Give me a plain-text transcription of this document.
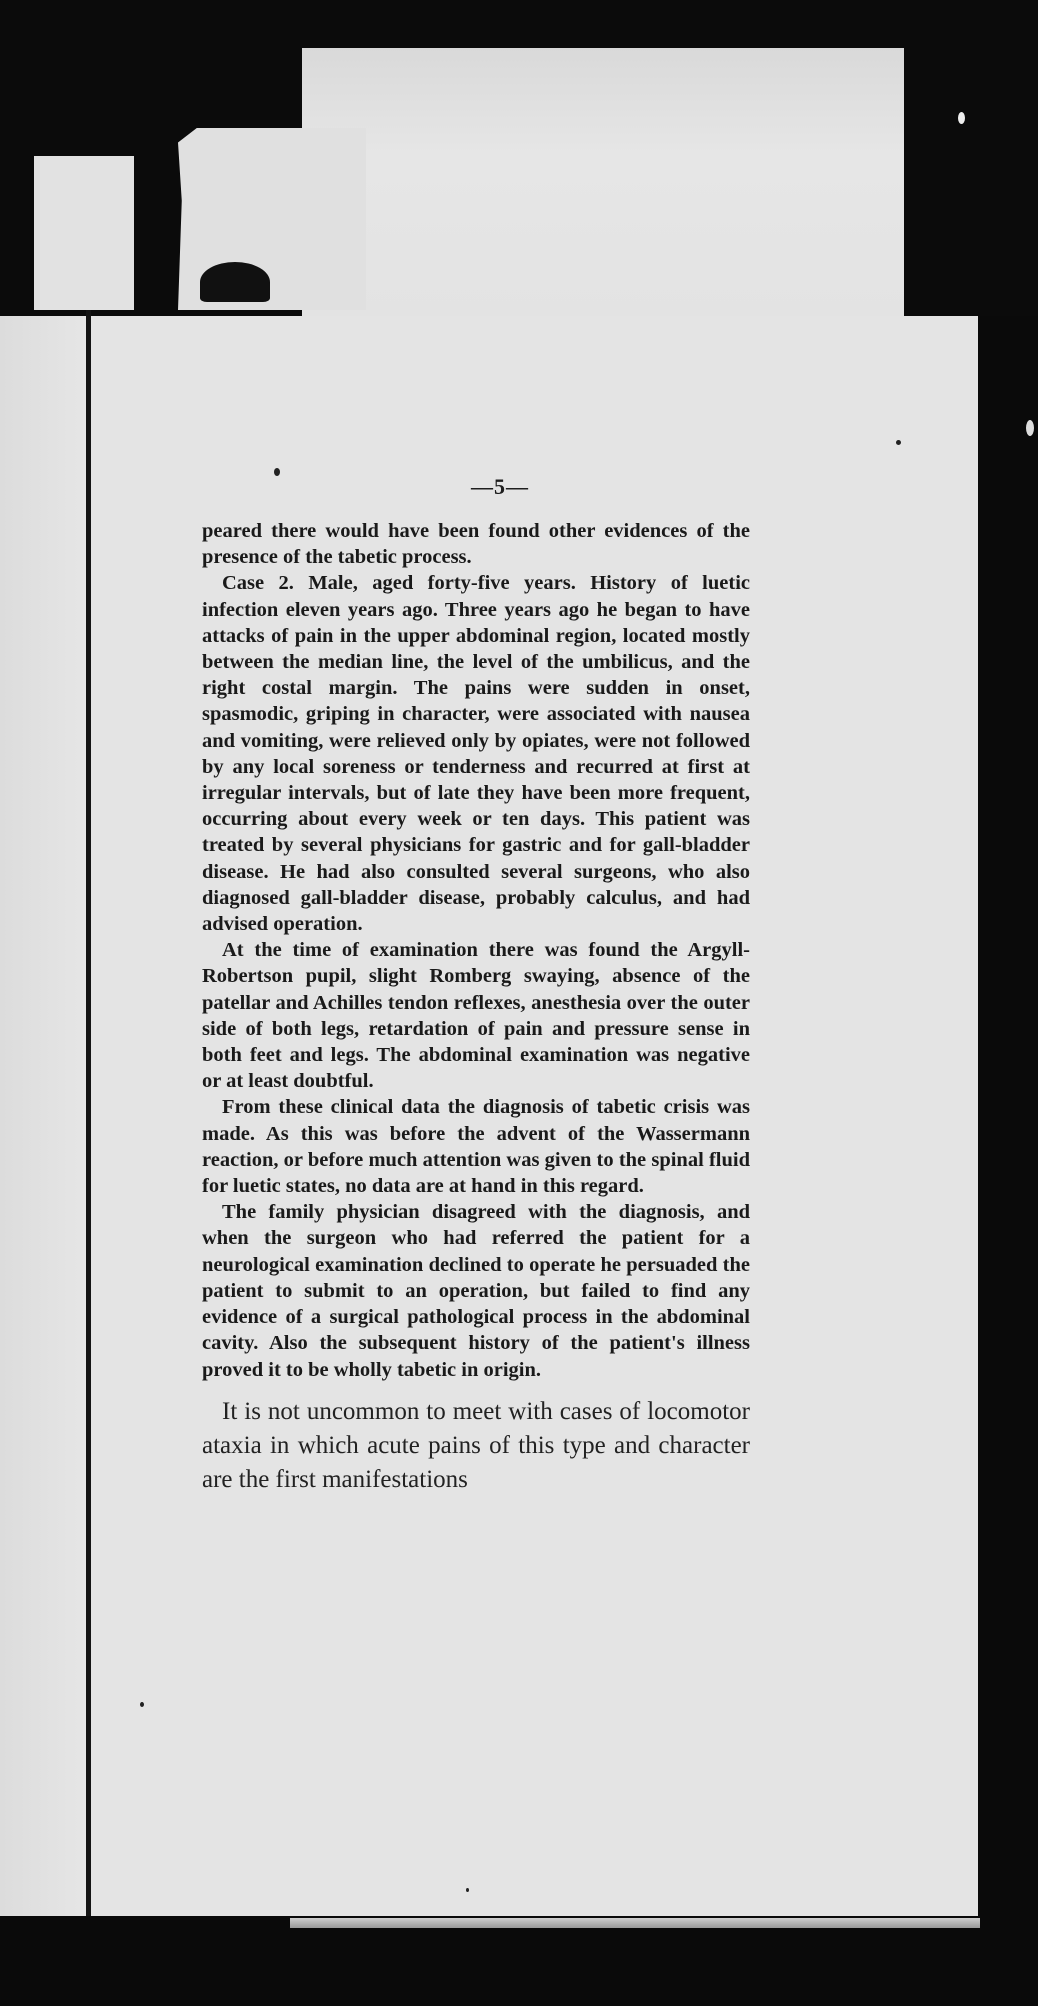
—5—

peared there would have been found other evidences of the presence of the tabetic process.

Case 2. Male, aged forty-five years. History of luetic infection eleven years ago. Three years ago he began to have attacks of pain in the upper abdominal region, located mostly between the median line, the level of the umbilicus, and the right costal margin. The pains were sudden in onset, spasmodic, griping in character, were associated with nausea and vomiting, were relieved only by opiates, were not followed by any local soreness or tenderness and recurred at first at irregular intervals, but of late they have been more frequent, occurring about every week or ten days. This patient was treated by several physicians for gastric and for gall-bladder disease. He had also consulted several surgeons, who also diagnosed gall-bladder disease, probably calculus, and had advised operation.

At the time of examination there was found the Argyll-Robertson pupil, slight Romberg swaying, absence of the patellar and Achilles tendon reflexes, anesthesia over the outer side of both legs, retardation of pain and pressure sense in both feet and legs. The abdominal examination was negative or at least doubtful.

From these clinical data the diagnosis of tabetic crisis was made. As this was before the advent of the Wassermann reaction, or before much attention was given to the spinal fluid for luetic states, no data are at hand in this regard.

The family physician disagreed with the diagnosis, and when the surgeon who had referred the patient for a neurological examination declined to operate he persuaded the patient to submit to an operation, but failed to find any evidence of a surgical pathological process in the abdominal cavity. Also the subsequent history of the patient's illness proved it to be wholly tabetic in origin.

It is not uncommon to meet with cases of locomotor ataxia in which acute pains of this type and character are the first manifestations
